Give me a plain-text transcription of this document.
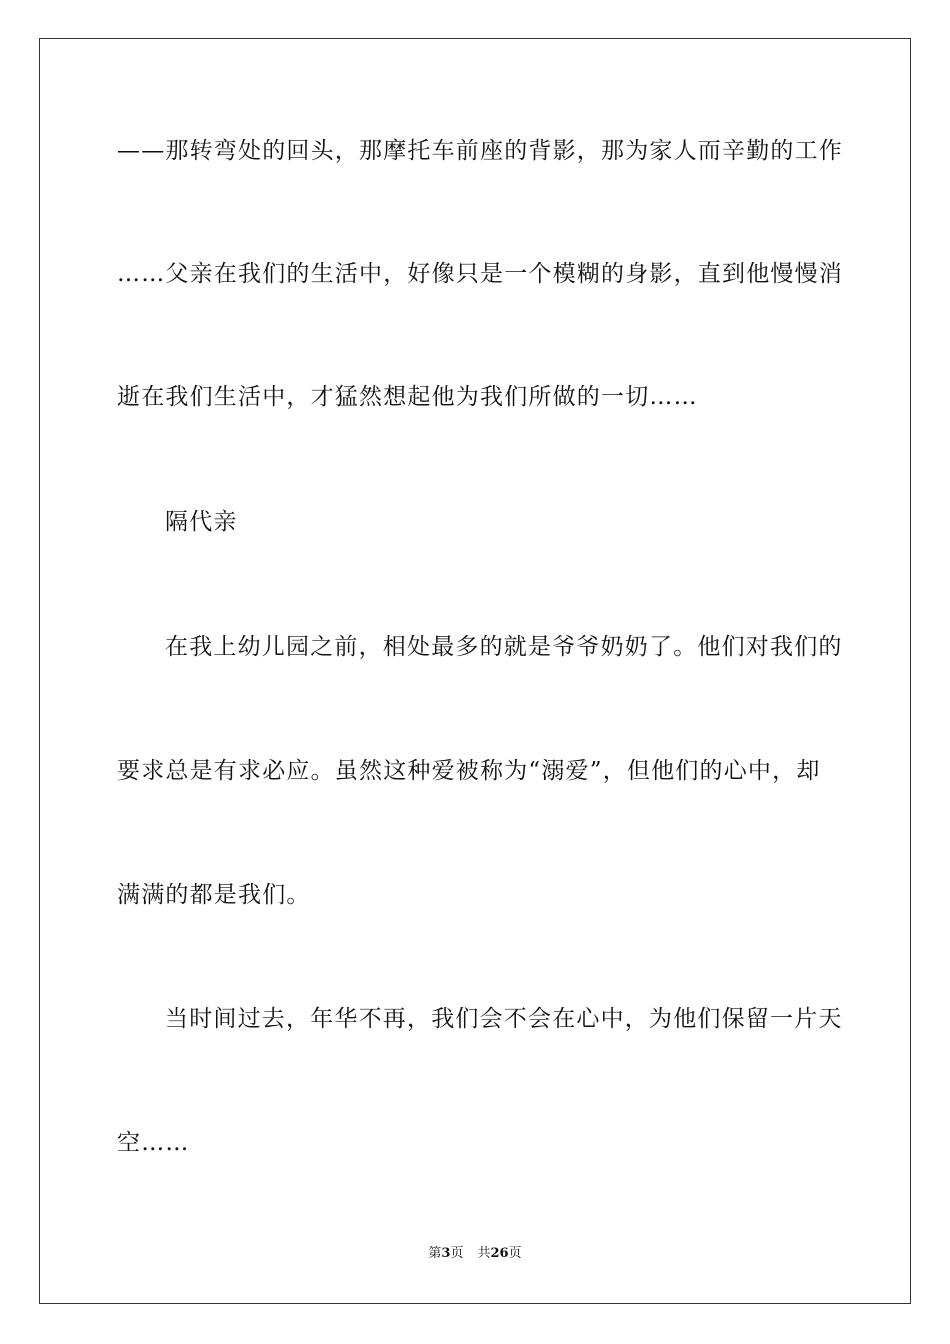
——那转弯处的回头，那摩托车前座的背影，那为家人而辛勤的工作
……父亲在我们的生活中，好像只是一个模糊的身影，直到他慢慢消
逝在我们生活中，才猛然想起他为我们所做的一切……
隔代亲
在我上幼儿园之前，相处最多的就是爷爷奶奶了。他们对我们的
要求总是有求必应。虽然这种爱被称为“溺爱”，但他们的心中，却
满满的都是我们。
当时间过去，年华不再，我们会不会在心中，为他们保留一片天
空……
第3页 共26页
